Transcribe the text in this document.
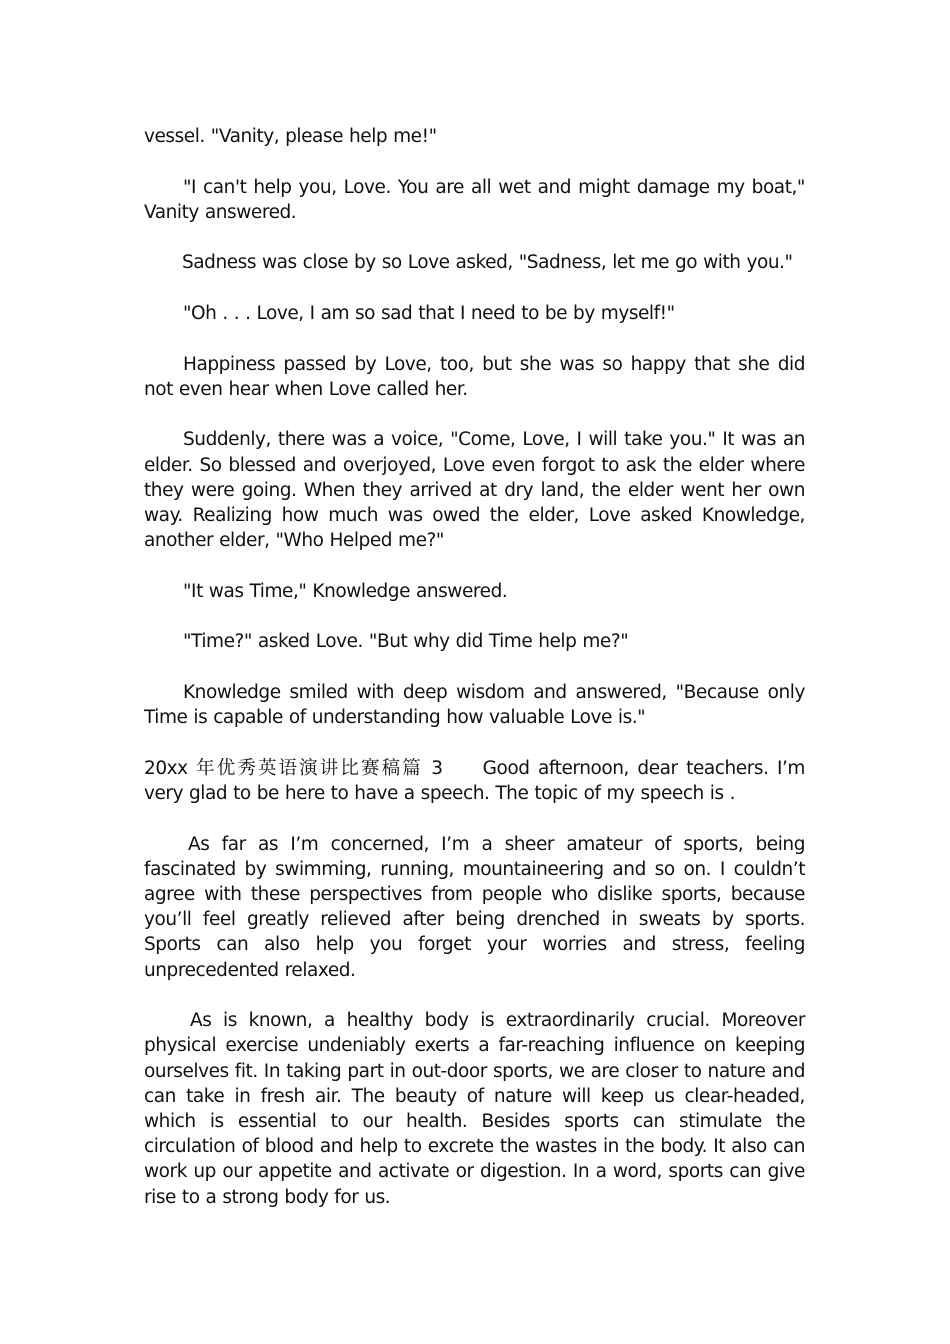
vessel. "Vanity, please help me!"

"I can't help you, Love. You are all wet and might damage my boat," Vanity answered.

Sadness was close by so Love asked, "Sadness, let me go with you."

"Oh . . . Love, I am so sad that I need to be by myself!"

Happiness passed by Love, too, but she was so happy that she did not even hear when Love called her.

Suddenly, there was a voice, "Come, Love, I will take you." It was an elder. So blessed and overjoyed, Love even forgot to ask the elder where they were going. When they arrived at dry land, the elder went her own way. Realizing how much was owed the elder, Love asked Knowledge, another elder, "Who Helped me?"

"It was Time," Knowledge answered.

"Time?" asked Love. "But why did Time help me?"

Knowledge smiled with deep wisdom and answered, "Because only Time is capable of understanding how valuable Love is."

20xx 年优秀英语演讲比赛稿篇 3 Good afternoon, dear teachers. I’m very glad to be here to have a speech. The topic of my speech is .

As far as I’m concerned, I’m a sheer amateur of sports, being fascinated by swimming, running, mountaineering and so on. I couldn’t agree with these perspectives from people who dislike sports, because you’ll feel greatly relieved after being drenched in sweats by sports. Sports can also help you forget your worries and stress, feeling unprecedented relaxed.

As is known, a healthy body is extraordinarily crucial. Moreover physical exercise undeniably exerts a far-reaching influence on keeping ourselves fit. In taking part in out-door sports, we are closer to nature and can take in fresh air. The beauty of nature will keep us clear-headed, which is essential to our health. Besides sports can stimulate the circulation of blood and help to excrete the wastes in the body. It also can work up our appetite and activate or digestion. In a word, sports can give rise to a strong body for us.
